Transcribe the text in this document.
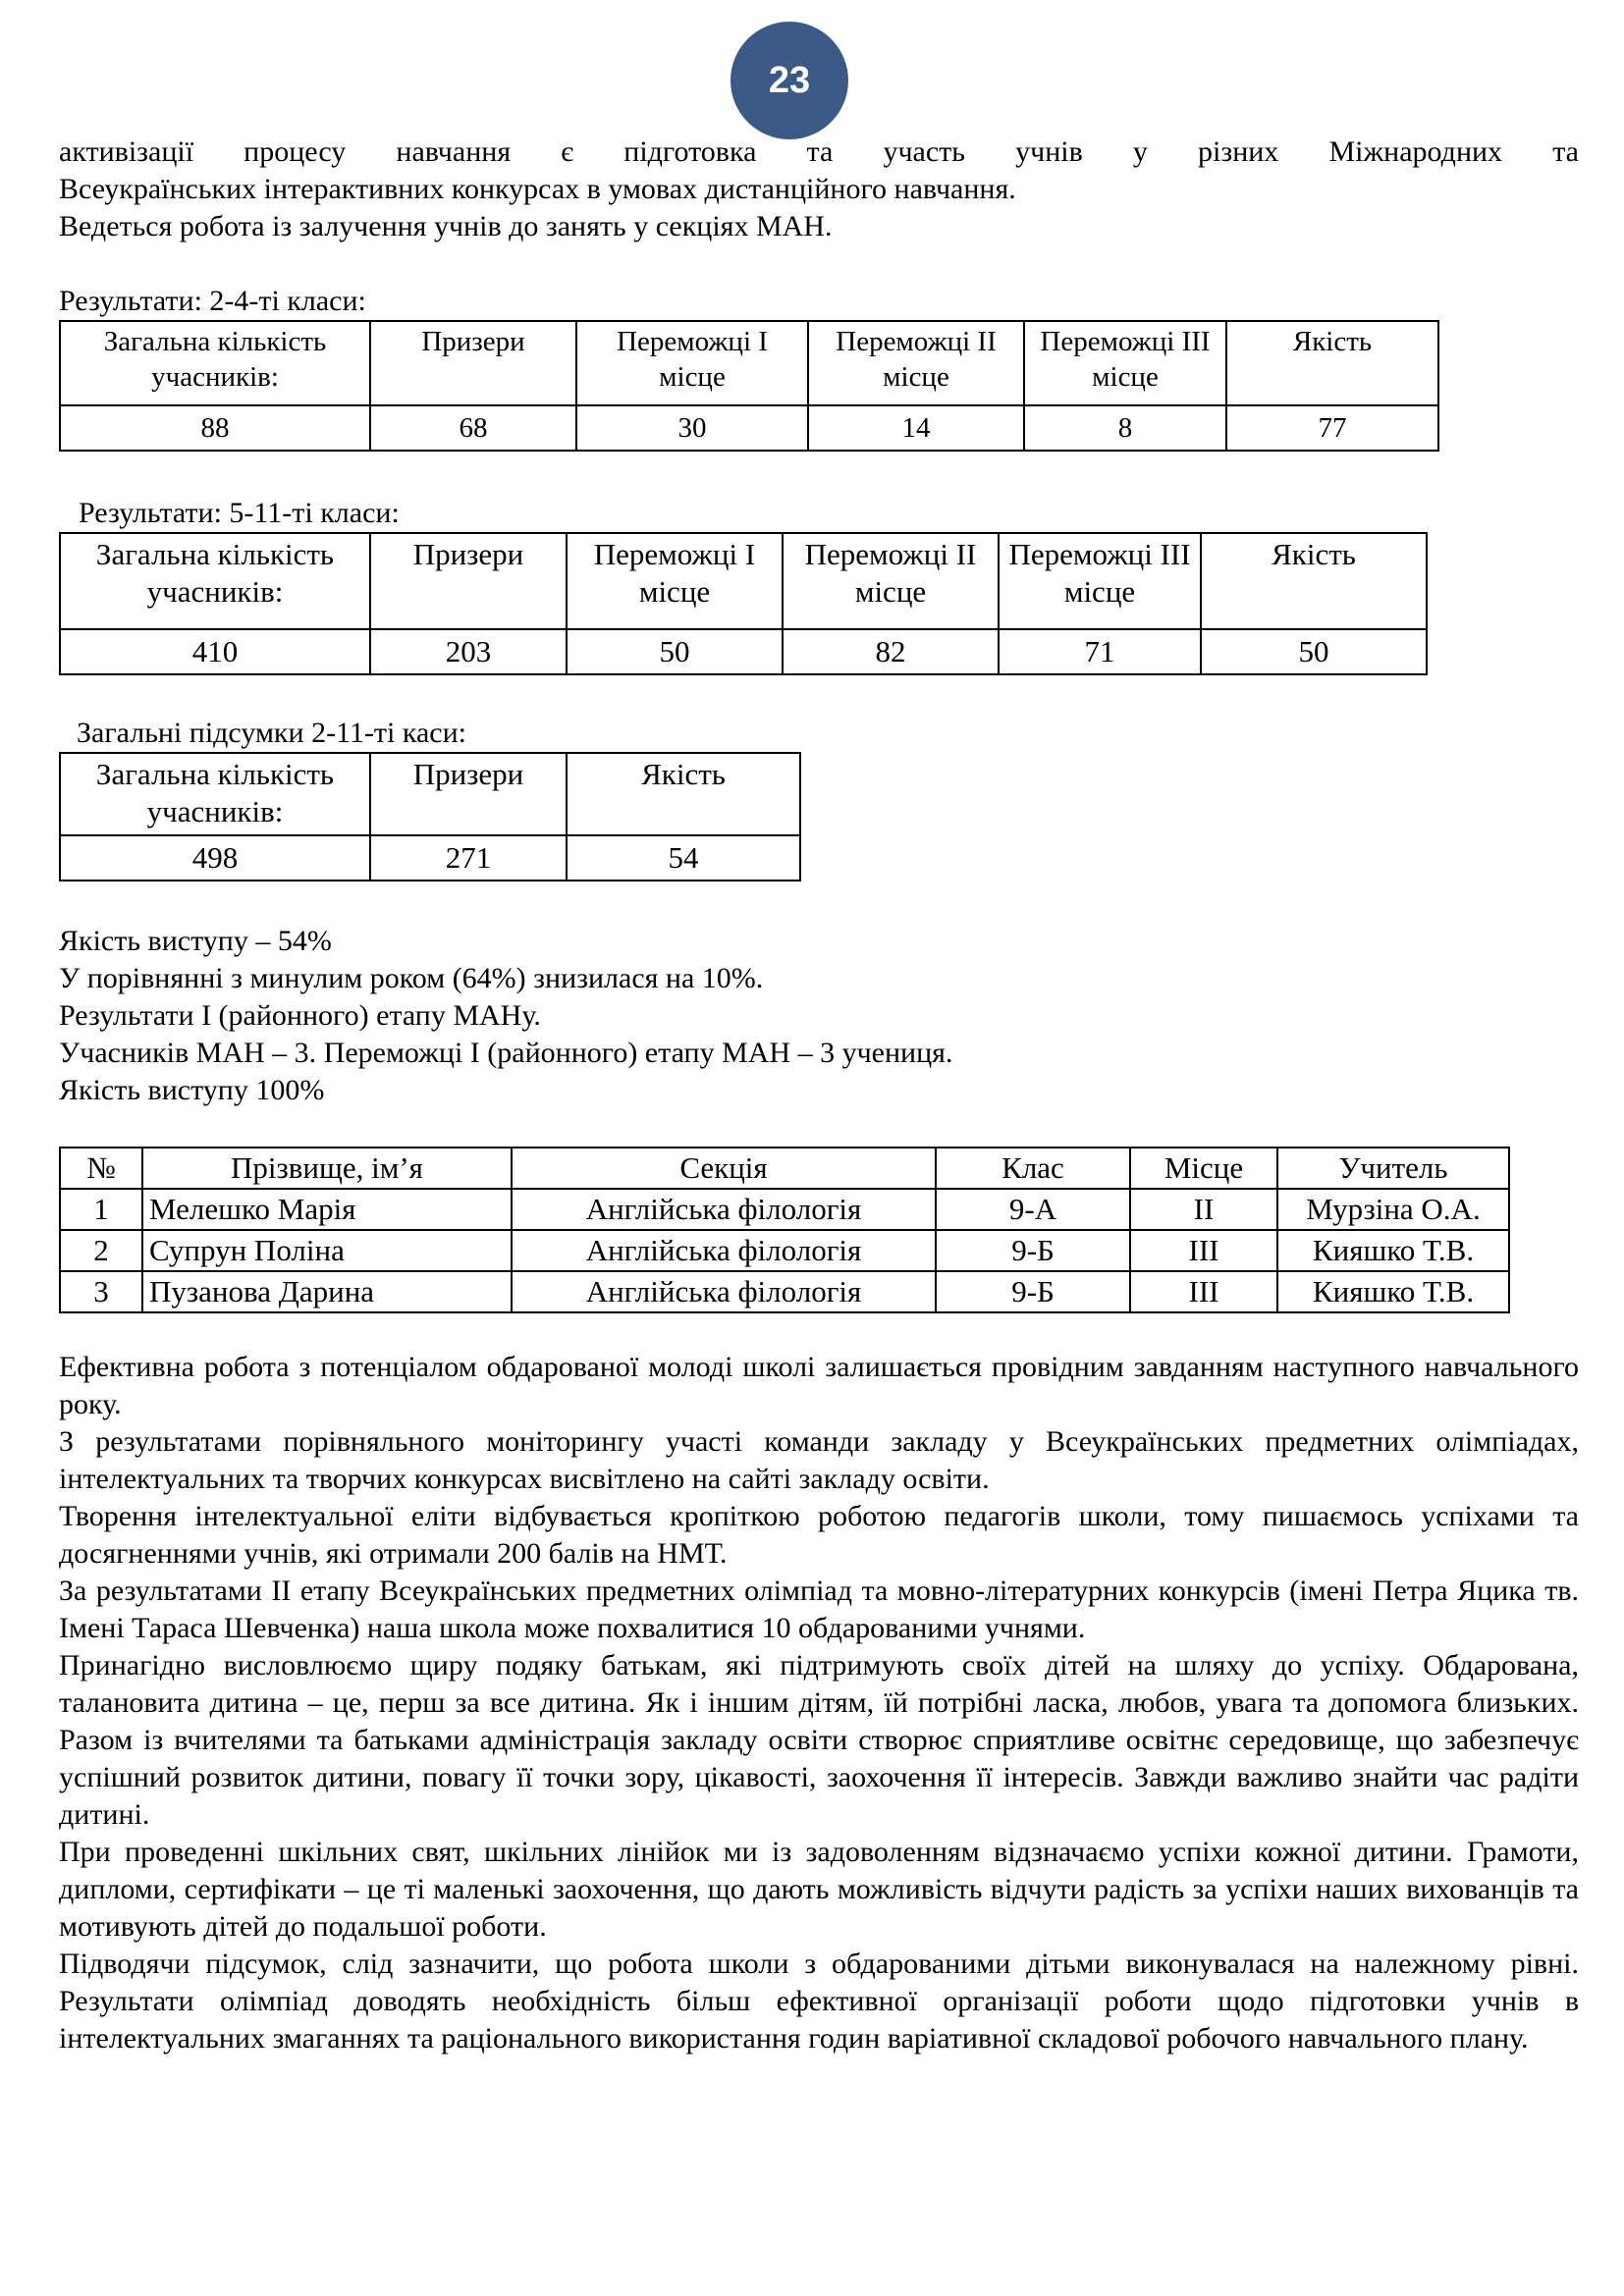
23

активізації процесу навчання є підготовка та участь учнів у різних Міжнародних та

Всеукраїнських інтерактивних конкурсах в умовах дистанційного навчання.

Ведеться робота із залучення учнів до занять у секціях МАН.

Результати: 2-4-ті класи:

Загальна кількість учасників:	Призери	Переможці І місце	Переможці ІІ місце	Переможці ІІІ місце	Якість
88	68	30	14	8	77

Результати: 5-11-ті класи:

Загальна кількість учасників:	Призери	Переможці І місце	Переможці ІІ місце	Переможці ІІІ місце	Якість
410	203	50	82	71	50

Загальні підсумки 2-11-ті каси:

Загальна кількість учасників:	Призери	Якість
498	271	54

Якість виступу – 54%

У порівнянні з минулим роком (64%) знизилася на 10%.

Результати І (районного) етапу МАНу.

Учасників МАН – 3. Переможці І (районного) етапу МАН – 3 учениця.

Якість виступу 100%

№	Прізвище, ім’я	Секція	Клас	Місце	Учитель
1	Мелешко Марія	Англійська філологія	9-А	ІІ	Мурзіна О.А.
2	Супрун Поліна	Англійська філологія	9-Б	ІІІ	Кияшко Т.В.
3	Пузанова Дарина	Англійська філологія	9-Б	ІІІ	Кияшко Т.В.

Ефективна робота з потенціалом обдарованої молоді школі залишається провідним завданням наступного навчального року.

З результатами порівняльного моніторингу участі команди закладу у Всеукраїнських предметних олімпіадах, інтелектуальних та творчих конкурсах висвітлено на сайті закладу освіти.

Творення інтелектуальної еліти відбувається кропіткою роботою педагогів школи, тому пишаємось успіхами та досягненнями учнів, які отримали 200 балів на НМТ.

За результатами ІІ етапу Всеукраїнських предметних олімпіад та мовно-літературних конкурсів (імені Петра Яцика тв. Імені Тараса Шевченка) наша школа може похвалитися 10 обдарованими учнями.

Принагідно висловлюємо щиру подяку батькам, які підтримують своїх дітей на шляху до успіху. Обдарована, талановита дитина – це, перш за все дитина. Як і іншим дітям, їй потрібні ласка, любов, увага та допомога близьких. Разом із вчителями та батьками адміністрація закладу освіти створює сприятливе освітнє середовище, що забезпечує успішний розвиток дитини, повагу її точки зору, цікавості, заохочення її інтересів. Завжди важливо знайти час радіти дитині.

При проведенні шкільних свят, шкільних лінійок ми із задоволенням відзначаємо успіхи кожної дитини. Грамоти, дипломи, сертифікати – це ті маленькі заохочення, що дають можливість відчути радість за успіхи наших вихованців та мотивують дітей до подальшої роботи.

Підводячи підсумок, слід зазначити, що робота школи з обдарованими дітьми виконувалася на належному рівні. Результати олімпіад доводять необхідність більш ефективної організації роботи щодо підготовки учнів в інтелектуальних змаганнях та раціонального використання годин варіативної складової робочого навчального плану.
